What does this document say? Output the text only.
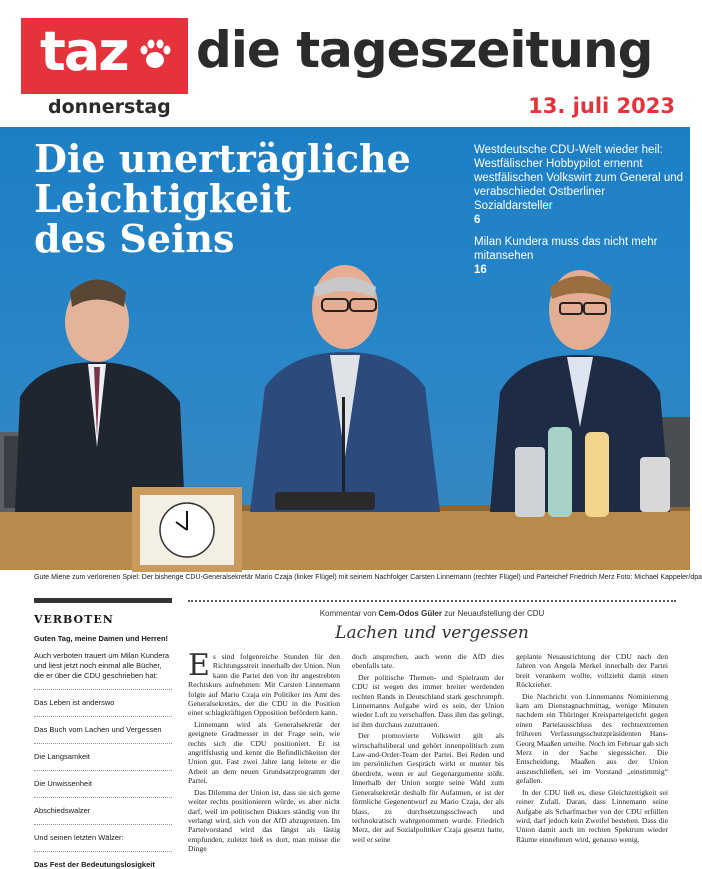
taz die tageszeitung
donnerstag	13. juli 2023
Die unerträgliche
Leichtigkeit
des Seins
Westdeutsche CDU-Welt wieder heil: Westfälischer Hobbypilot ernennt westfälischen Volkswirt zum General und verabschiedet Ostberliner Sozialdarsteller
6
Milan Kundera muss das nicht mehr mitansehen
16
Gute Miene zum verlorenen Spiel: Der bisherige CDU-Generalsekretär Mario Czaja (linker Flügel) mit seinem Nachfolger Carsten Linnemann (rechter Flügel) und Parteichef Friedrich Merz Foto: Michael Kappeler/dpa
VERBOTEN
Guten Tag, meine Damen und Herren!
Auch verboten trauert um Milan Kundera und liest jetzt noch einmal alle Bücher, die er über die CDU geschrieben hat:
Das Leben ist anderswo
Das Buch vom Lachen und Vergessen
Die Langsamkeit
Die Unwissenheit
Abschiedswalzer
Und seinen letzten Wälzer:
Das Fest der Bedeutungslosigkeit
Kommentar von Cem-Odos Güler zur Neuaufstellung der CDU
Lachen und vergessen

Es sind folgenreiche Stunden für den Richtungsstreit innerhalb der Union. Nun kann die Partei den von ihr angestrebten Rechtskurs aufnehmen: Mit Carsten Linnemann folgte auf Mario Czaja ein Politiker ins Amt des Generalsekretärs, der die CDU in die Position einer schlagkräftigen Opposition befördern kann.

Linnemann wird als Generalsekretär der geeignete Gradmesser in der Frage sein, wie rechts sich die CDU positioniert. Er ist angriffslustig und kennt die Befindlichkeiten der Union gut. Fast zwei Jahre lang leitete er die Arbeit an dem neuen Grundsatzprogramm der Partei.

Das Dilemma der Union ist, dass sie sich gerne weiter rechts positionieren würde, es aber nicht darf, weil im politischen Diskurs ständig von ihr verlangt wird, sich von der AfD abzugrenzen. Im Parteivorstand wird das längst als lästig empfunden, zuletzt hieß es dort, man müsse die Dinge

doch ansprechen, auch wenn die AfD dies ebenfalls tate.

Der politische Themen- und Spielraum der CDU ist wegen des immer breiter werdenden rechten Rands in Deutschland stark geschrumpft. Linnemanns Aufgabe wird es sein, der Union wieder Luft zu verschaffen. Dass ihm das gelingt, ist ihm durchaus zuzutrauen.

Der promovierte Volkswirt gilt als wirtschaftsliberal und gehört innenpolitisch zum Law-and-Order-Team der Partei. Bei Reden und im persönlichen Gespräch wirkt er munter bis überdreht, wenn er auf Gegenargumente stößt. Innerhalb der Union sorgte seine Wahl zum Generalsekretär deshalb für Aufatmen, er ist der förmliche Gegenentwurf zu Mario Czaja, der als blass, zu durchsetzungsschwach und technokratisch wahrgenommen wurde. Friedrich Merz, der auf Sozialpolitiker Czaja gesetzt hatte, weil er seine

geplante Neuausrichtung der CDU nach den Jahren von Angela Merkel innerhalb der Partei breit verankern wollte, vollzieht damit einen Rückzieher.

Die Nachricht von Linnemanns Nominierung kam am Dienstagnachmittag, wenige Minuten nachdem ein Thüringer Kreisparteigericht gegen einen Parteiausschluss des rechtsextremen früheren Verfassungsschutzpräsidenten Hans-Georg Maaßen urteilte. Noch im Februar gab sich Merz in der Sache siegessicher. Die Entscheidung, Maaßen aus der Union auszuschließen, sei im Vorstand „einstimmig“ gefallen.

In der CDU ließ es, diese Gleichzeitigkeit sei reiner Zufall. Daran, dass Linnemann seine Aufgabe als Scharfmacher von der CDU erfüllen wird, darf jedoch kein Zweifel bestehen. Dass die Union damit auch im rechten Spektrum wieder Räume einnehmen wird, genauso wenig.
